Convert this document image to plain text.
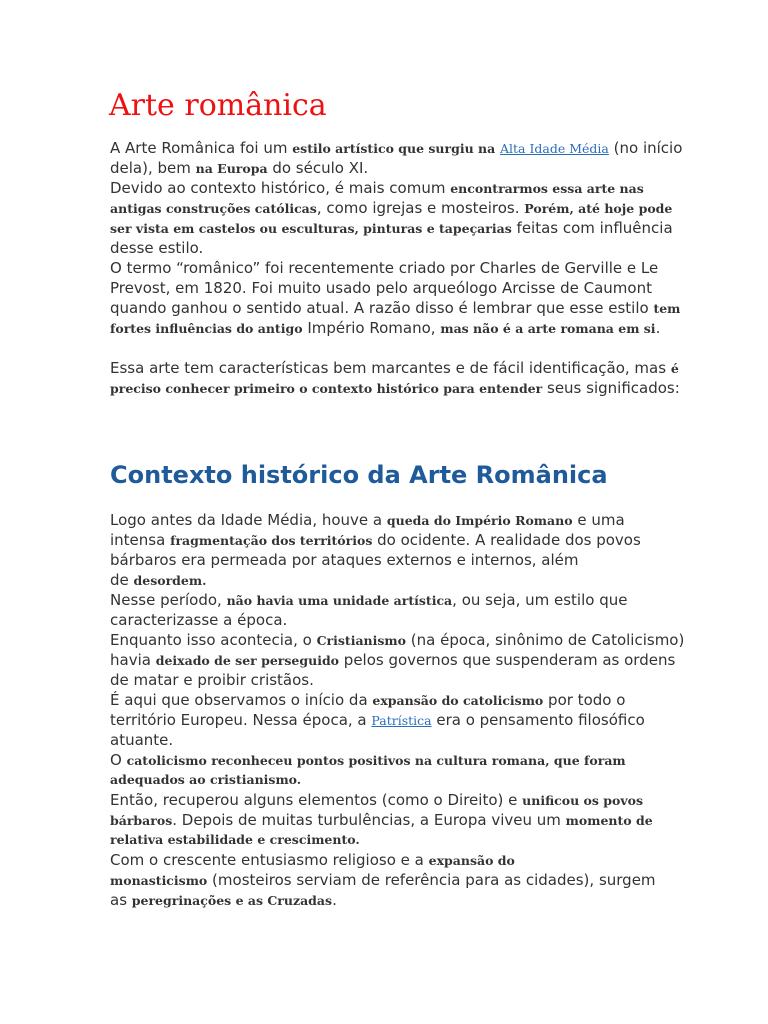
Arte românica
A Arte Românica foi um estilo artístico que surgiu na Alta Idade Média (no início
dela), bem na Europa do século XI.
Devido ao contexto histórico, é mais comum encontrarmos essa arte nas
antigas construções católicas, como igrejas e mosteiros. Porém, até hoje pode
ser vista em castelos ou esculturas, pinturas e tapeçarias feitas com influência
desse estilo.
O termo “românico” foi recentemente criado por Charles de Gerville e Le
Prevost, em 1820. Foi muito usado pelo arqueólogo Arcisse de Caumont
quando ganhou o sentido atual. A razão disso é lembrar que esse estilo tem
fortes influências do antigo Império Romano, mas não é a arte romana em si.
Essa arte tem características bem marcantes e de fácil identificação, mas é
preciso conhecer primeiro o contexto histórico para entender seus significados:
Contexto histórico da Arte Românica
Logo antes da Idade Média, houve a queda do Império Romano e uma
intensa fragmentação dos territórios do ocidente. A realidade dos povos
bárbaros era permeada por ataques externos e internos, além
de desordem.
Nesse período, não havia uma unidade artística, ou seja, um estilo que
caracterizasse a época.
Enquanto isso acontecia, o Cristianismo (na época, sinônimo de Catolicismo)
havia deixado de ser perseguido pelos governos que suspenderam as ordens
de matar e proibir cristãos.
É aqui que observamos o início da expansão do catolicismo por todo o
território Europeu. Nessa época, a Patrística era o pensamento filosófico
atuante.
O catolicismo reconheceu pontos positivos na cultura romana, que foram
adequados ao cristianismo.
Então, recuperou alguns elementos (como o Direito) e unificou os povos
bárbaros. Depois de muitas turbulências, a Europa viveu um momento de
relativa estabilidade e crescimento.
Com o crescente entusiasmo religioso e a expansão do
monasticismo (mosteiros serviam de referência para as cidades), surgem
as peregrinações e as Cruzadas.
